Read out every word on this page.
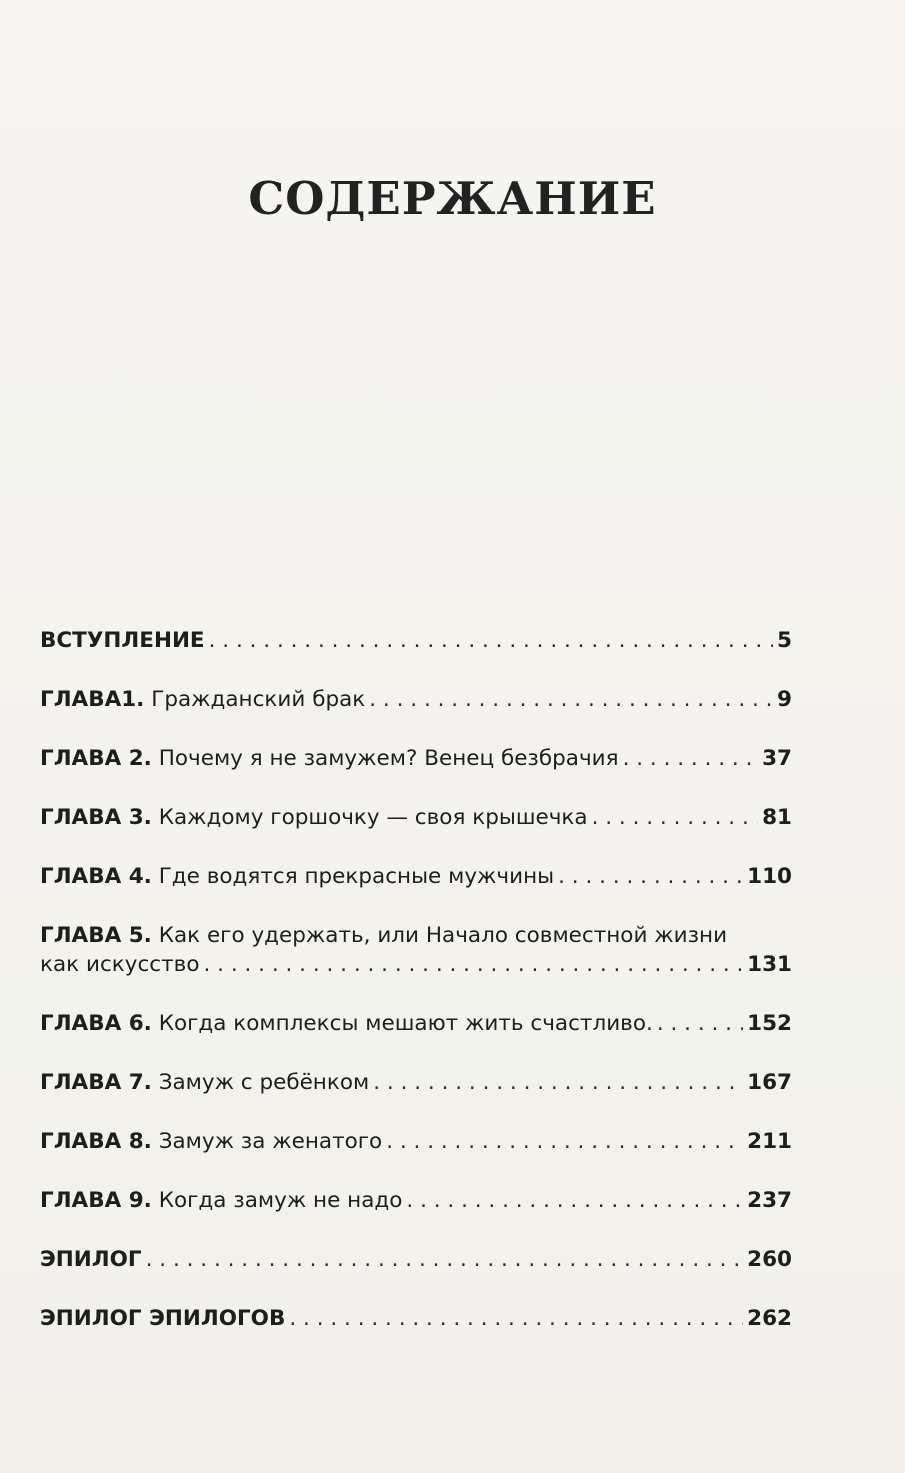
СОДЕРЖАНИЕ
ВСТУПЛЕНИЕ . . .	5
ГЛАВА1. Гражданский брак . . .	9
ГЛАВА 2. Почему я не замужем? Венец безбрачия . . .	37
ГЛАВА 3. Каждому горшочку — своя крышечка . . .	81
ГЛАВА 4. Где водятся прекрасные мужчины . . .	110
ГЛАВА 5. Как его удержать, или Начало совместной жизни
как искусство . . .	131
ГЛАВА 6. Когда комплексы мешают жить счастливо. . . .	152
ГЛАВА 7. Замуж с ребёнком . . .	167
ГЛАВА 8. Замуж за женатого . . .	211
ГЛАВА 9. Когда замуж не надо . . .	237
ЭПИЛОГ . . .	260
ЭПИЛОГ ЭПИЛОГОВ . . .	262
